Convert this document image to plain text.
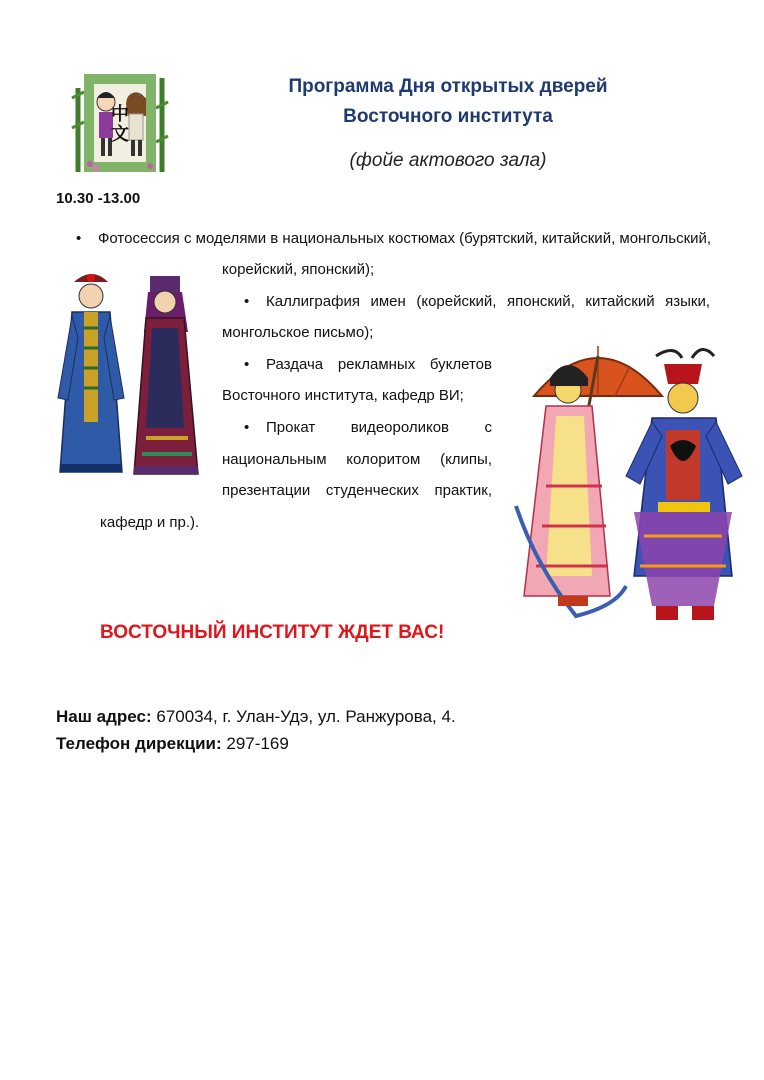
中文
Программа Дня открытых дверей
Восточного института
(фойе актового зала)
10.30 -13.00
• Фотосессия с моделями в национальных костюмах (бурятский, китайский, монгольский,
корейский, японский);
• Каллиграфия имен (корейский, японский, китайский языки,
монгольское письмо);
• Раздача рекламных буклетов
Восточного института, кафедр ВИ;
• Прокат видеороликов с
национальным колоритом (клипы,
презентации студенческих практик,
кафедр и пр.).
ВОСТОЧНЫЙ ИНСТИТУТ ЖДЕТ ВАС!
Наш адрес: 670034, г. Улан-Удэ, ул. Ранжурова, 4.
Телефон дирекции: 297-169
